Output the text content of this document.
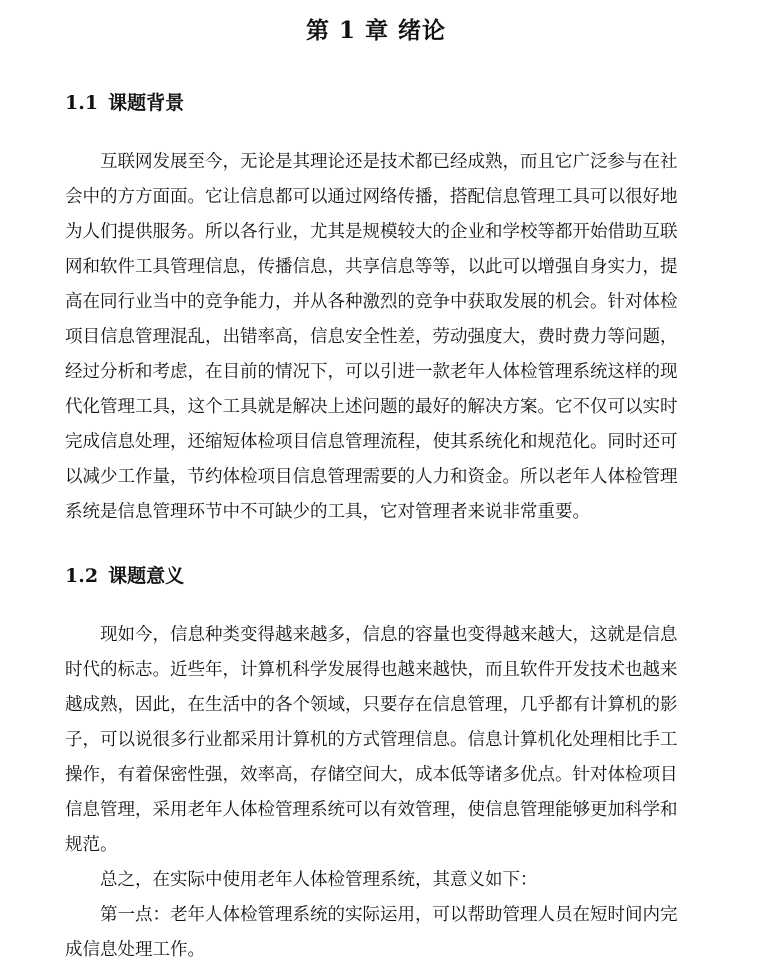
第 1 章 绪论
1.1 课题背景

　　互联网发展至今，无论是其理论还是技术都已经成熟，而且它广泛参与在社

会中的方方面面。它让信息都可以通过网络传播，搭配信息管理工具可以很好地

为人们提供服务。所以各行业，尤其是规模较大的企业和学校等都开始借助互联

网和软件工具管理信息，传播信息，共享信息等等，以此可以增强自身实力，提

高在同行业当中的竞争能力，并从各种激烈的竞争中获取发展的机会。针对体检

项目信息管理混乱，出错率高，信息安全性差，劳动强度大，费时费力等问题，

经过分析和考虑，在目前的情况下，可以引进一款老年人体检管理系统这样的现

代化管理工具，这个工具就是解决上述问题的最好的解决方案。它不仅可以实时

完成信息处理，还缩短体检项目信息管理流程，使其系统化和规范化。同时还可

以减少工作量，节约体检项目信息管理需要的人力和资金。所以老年人体检管理

系统是信息管理环节中不可缺少的工具，它对管理者来说非常重要。

1.2 课题意义

　　现如今，信息种类变得越来越多，信息的容量也变得越来越大，这就是信息

时代的标志。近些年，计算机科学发展得也越来越快，而且软件开发技术也越来

越成熟，因此，在生活中的各个领域，只要存在信息管理，几乎都有计算机的影

子，可以说很多行业都采用计算机的方式管理信息。信息计算机化处理相比手工

操作，有着保密性强，效率高，存储空间大，成本低等诸多优点。针对体检项目

信息管理，采用老年人体检管理系统可以有效管理，使信息管理能够更加科学和

规范。

　　总之，在实际中使用老年人体检管理系统，其意义如下：

　　第一点：老年人体检管理系统的实际运用，可以帮助管理人员在短时间内完

成信息处理工作。
